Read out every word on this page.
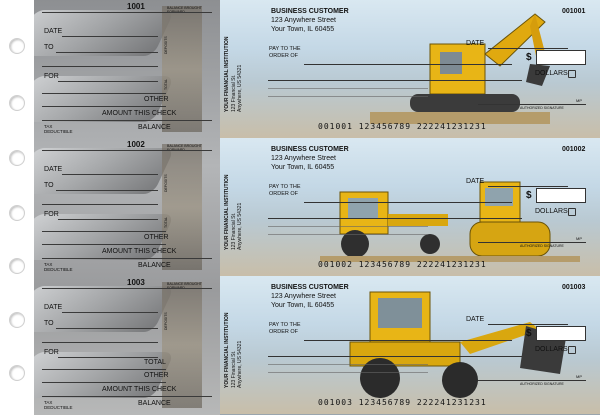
1001	BALANCE BROUGHT FORWARD
DATE
TO
FOR
OTHER
AMOUNT THIS CHECK
TAX DEDUCTIBLE
BALANCE
DEPOSITS
TOTAL
1002	BALANCE BROUGHT FORWARD
DATE
TO
FOR
OTHER
AMOUNT THIS CHECK
TAX DEDUCTIBLE
BALANCE
DEPOSITS
TOTAL
1003	BALANCE BROUGHT FORWARD
DATE
TO
FOR
TOTAL
OTHER
AMOUNT THIS CHECK
TAX DEDUCTIBLE
BALANCE
DEPOSITS
YOUR FINANCIAL INSTITUTION 123 Financial St. Anywhere, US 54321
BUSINESS CUSTOMER
123 Anywhere Street
Your Town, IL 60455
001001
DATE
PAY TO THE ORDER OF	$
DOLLARS
MP
AUTHORIZED SIGNATURE
001001 123456789 222241231231
YOUR FINANCIAL INSTITUTION 123 Financial St. Anywhere, US 54321
BUSINESS CUSTOMER
123 Anywhere Street
Your Town, IL 60455
001002
DATE
PAY TO THE ORDER OF	$
DOLLARS
MP
AUTHORIZED SIGNATURE
001002 123456789 222241231231
YOUR FINANCIAL INSTITUTION 123 Financial St. Anywhere, US 54321
BUSINESS CUSTOMER
123 Anywhere Street
Your Town, IL 60455
001003
DATE
PAY TO THE ORDER OF	$
DOLLARS
MP
AUTHORIZED SIGNATURE
001003 123456789 222241231231
